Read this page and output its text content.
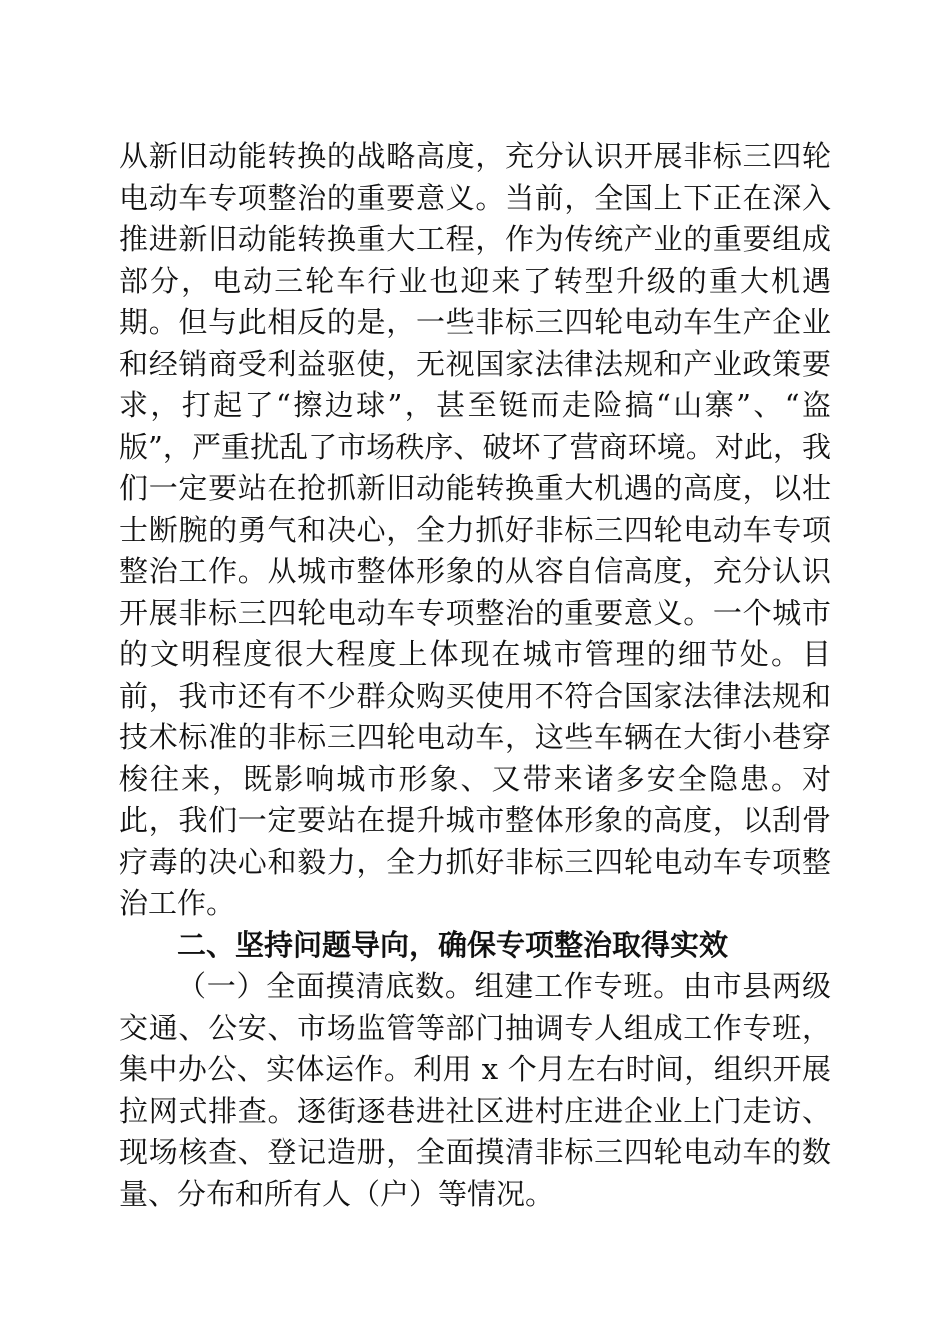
从新旧动能转换的战略高度，充分认识开展非标三四轮电动车专项整治的重要意义。当前，全国上下正在深入推进新旧动能转换重大工程，作为传统产业的重要组成部分，电动三轮车行业也迎来了转型升级的重大机遇期。但与此相反的是，一些非标三四轮电动车生产企业和经销商受利益驱使，无视国家法律法规和产业政策要求，打起了“擦边球”，甚至铤而走险搞“山寨”、“盗版”，严重扰乱了市场秩序、破坏了营商环境。对此，我们一定要站在抢抓新旧动能转换重大机遇的高度，以壮士断腕的勇气和决心，全力抓好非标三四轮电动车专项整治工作。从城市整体形象的从容自信高度，充分认识开展非标三四轮电动车专项整治的重要意义。一个城市的文明程度很大程度上体现在城市管理的细节处。目前，我市还有不少群众购买使用不符合国家法律法规和技术标准的非标三四轮电动车，这些车辆在大街小巷穿梭往来，既影响城市形象、又带来诸多安全隐患。对此，我们一定要站在提升城市整体形象的高度，以刮骨疗毒的决心和毅力，全力抓好非标三四轮电动车专项整治工作。

二、坚持问题导向，确保专项整治取得实效

（一）全面摸清底数。组建工作专班。由市县两级交通、公安、市场监管等部门抽调专人组成工作专班，集中办公、实体运作。利用 x 个月左右时间，组织开展拉网式排查。逐街逐巷进社区进村庄进企业上门走访、现场核查、登记造册，全面摸清非标三四轮电动车的数量、分布和所有人（户）等情况。
